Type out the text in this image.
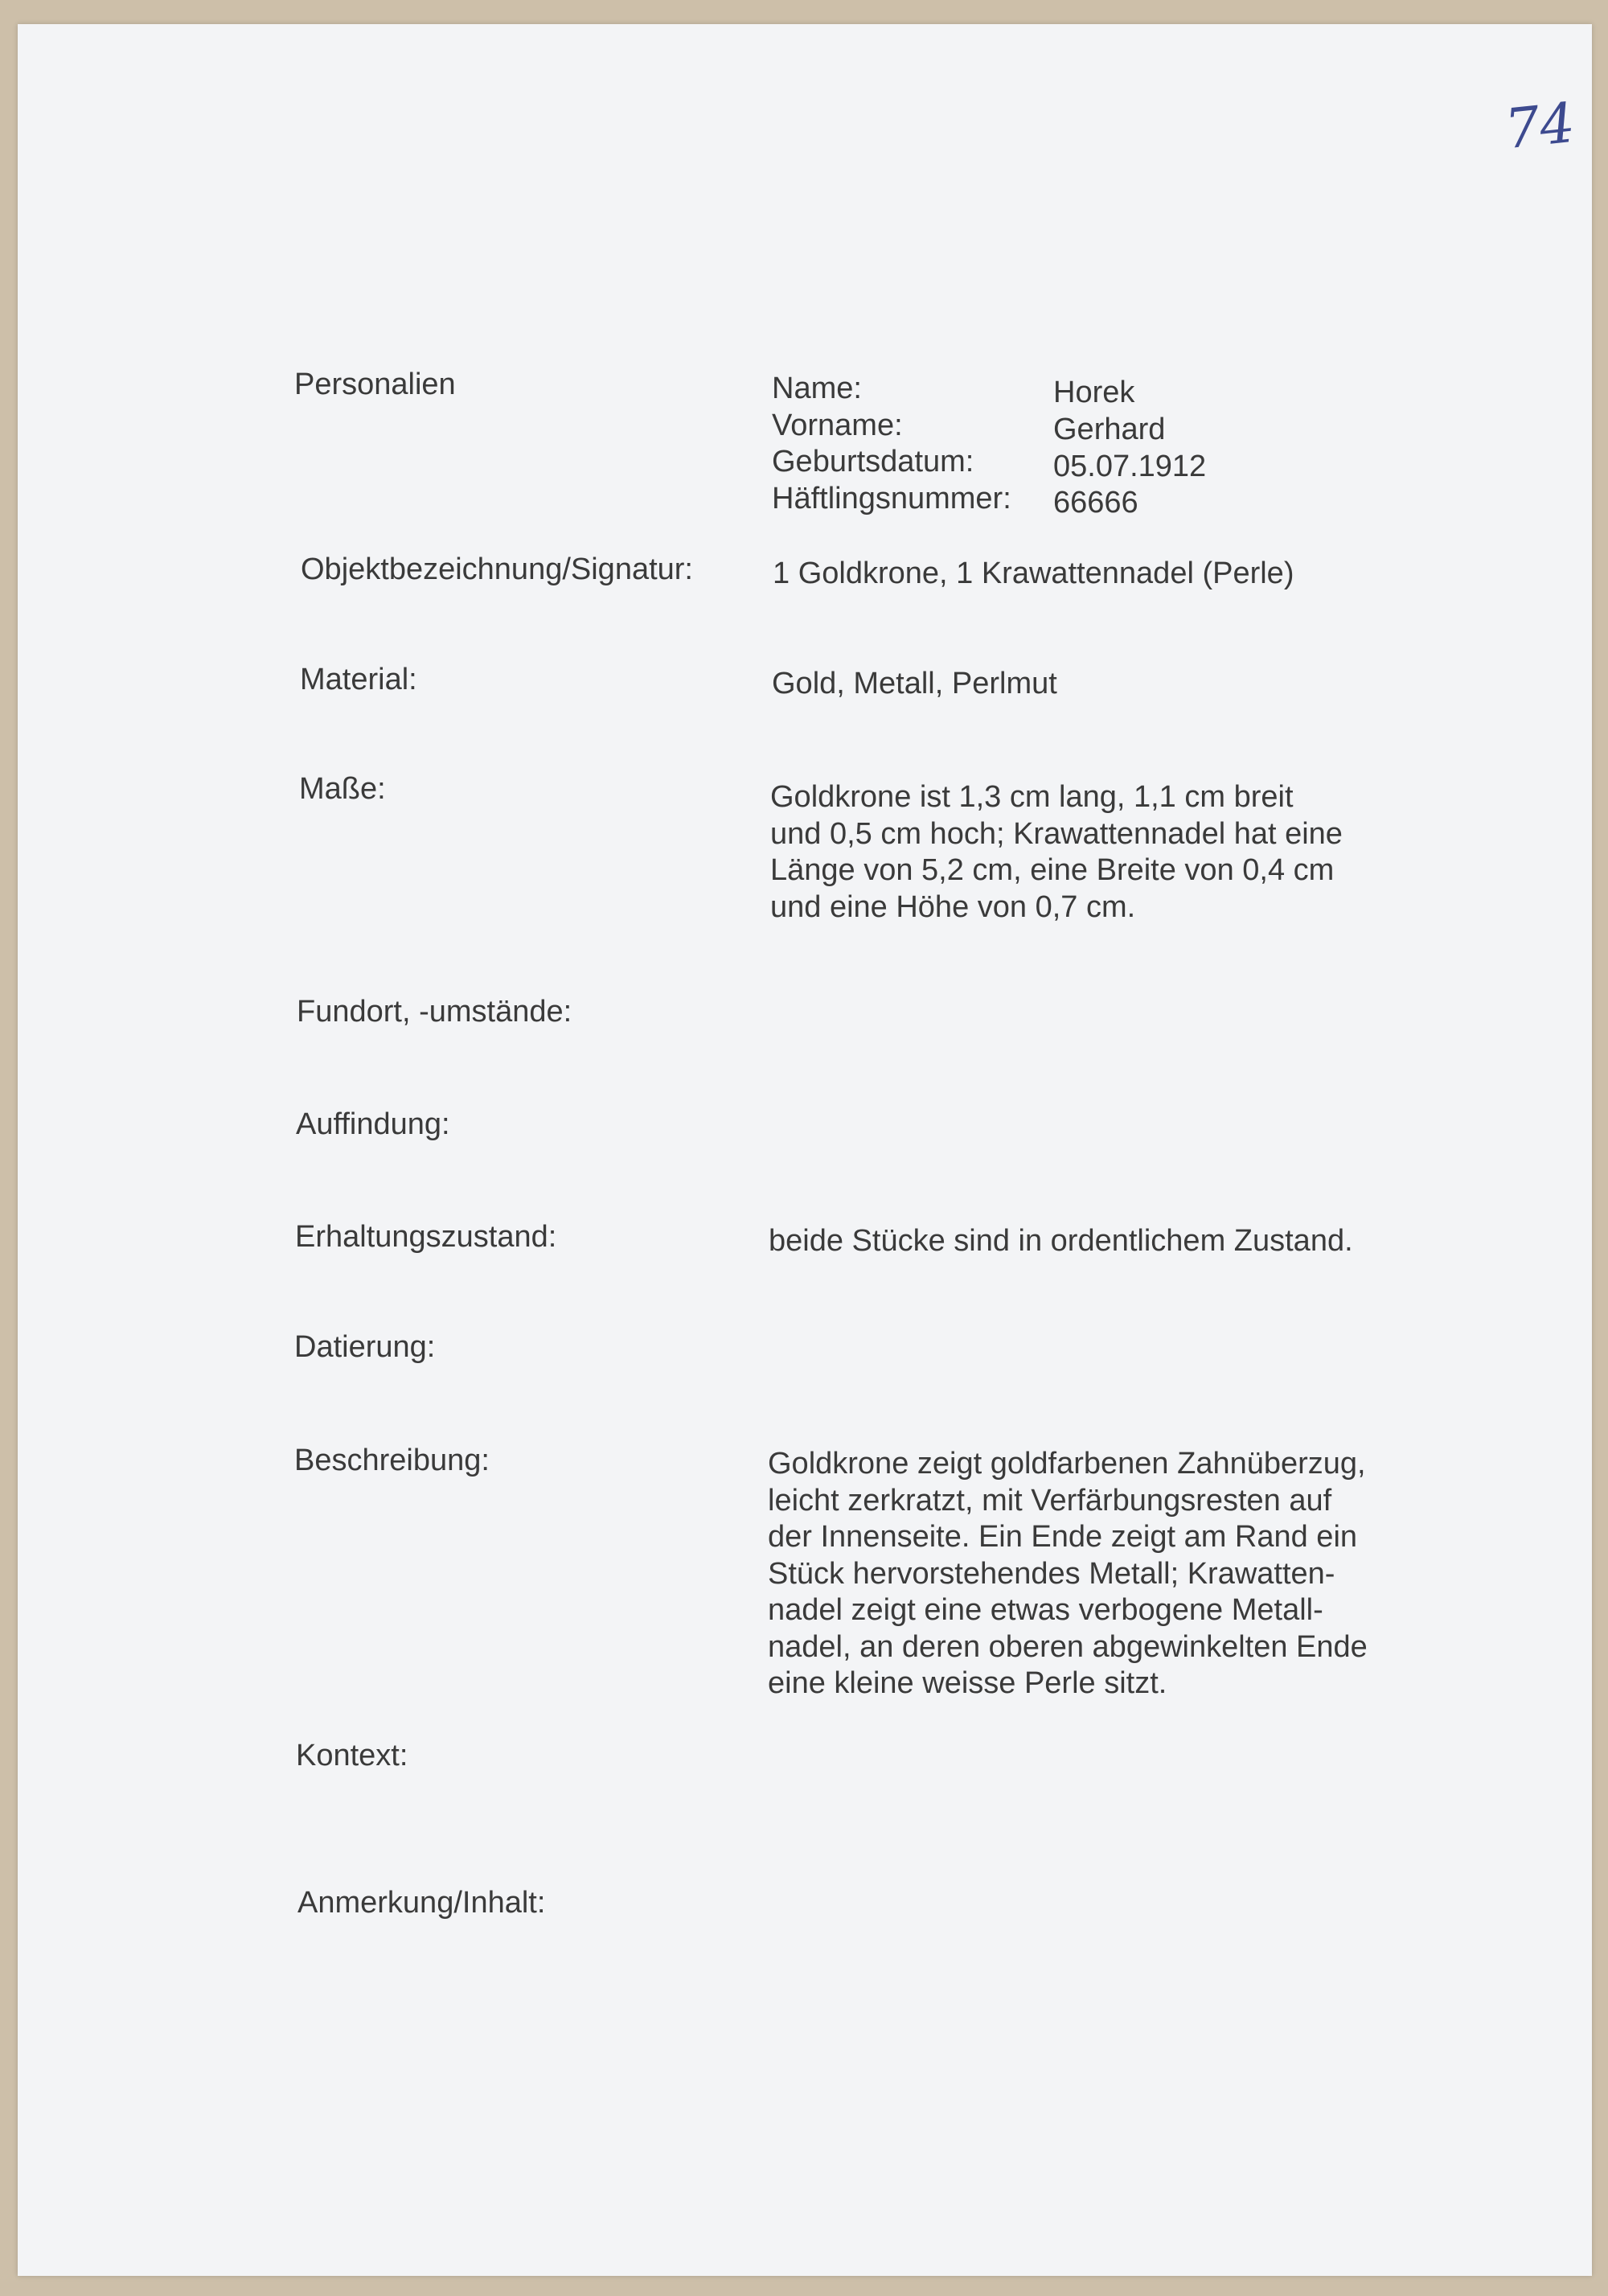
74
Personalien	Name:	Horek
Vorname:	Gerhard
Geburtsdatum:	05.07.1912
Häftlingsnummer: 66666
Objektbezeichnung/Signatur:	1 Goldkrone, 1 Krawattennadel (Perle)
Material:	Gold, Metall, Perlmut
Maße:	Goldkrone ist 1,3 cm lang, 1,1 cm breit
und 0,5 cm hoch; Krawattennadel hat eine
Länge von 5,2 cm, eine Breite von 0,4 cm
und eine Höhe von 0,7 cm.
Fundort, -umstände:
Auffindung:
Erhaltungszustand:	beide Stücke sind in ordentlichem Zustand.
Datierung:
Beschreibung:	Goldkrone zeigt goldfarbenen Zahnüberzug,
leicht zerkratzt, mit Verfärbungsresten auf
der Innenseite. Ein Ende zeigt am Rand ein
Stück hervorstehendes Metall; Krawatten-
nadel zeigt eine etwas verbogene Metall-
nadel, an deren oberen abgewinkelten Ende
eine kleine weisse Perle sitzt.
Kontext:
Anmerkung/Inhalt:
